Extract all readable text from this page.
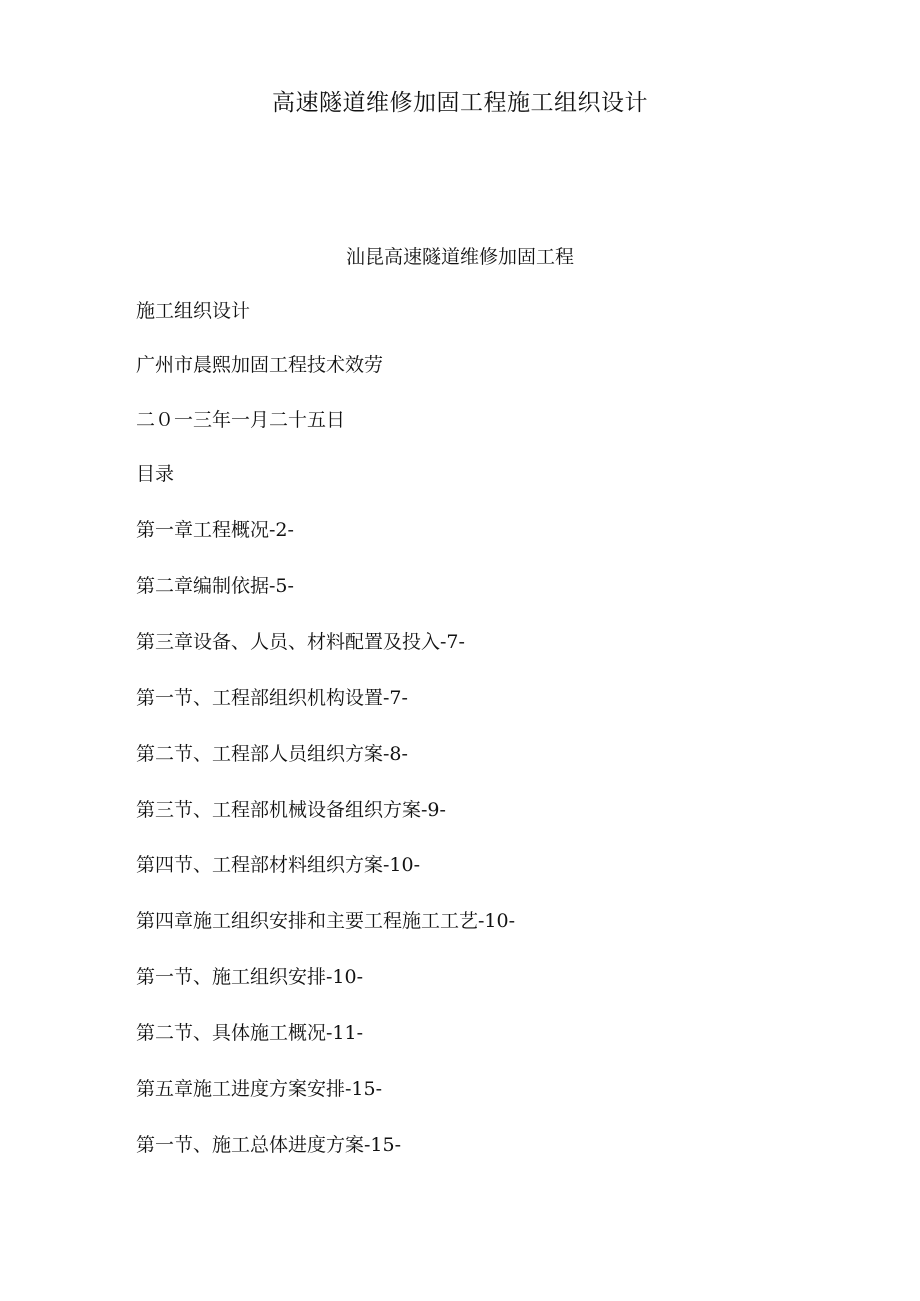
高速隧道维修加固工程施工组织设计
汕昆高速隧道维修加固工程
施工组织设计
广州市晨熙加固工程技术效劳
二０一三年一月二十五日
目录
第一章工程概况-2-
第二章编制依据-5-
第三章设备、人员、材料配置及投入-7-
第一节、工程部组织机构设置-7-
第二节、工程部人员组织方案-8-
第三节、工程部机械设备组织方案-9-
第四节、工程部材料组织方案-10-
第四章施工组织安排和主要工程施工工艺-10-
第一节、施工组织安排-10-
第二节、具体施工概况-11-
第五章施工进度方案安排-15-
第一节、施工总体进度方案-15-
